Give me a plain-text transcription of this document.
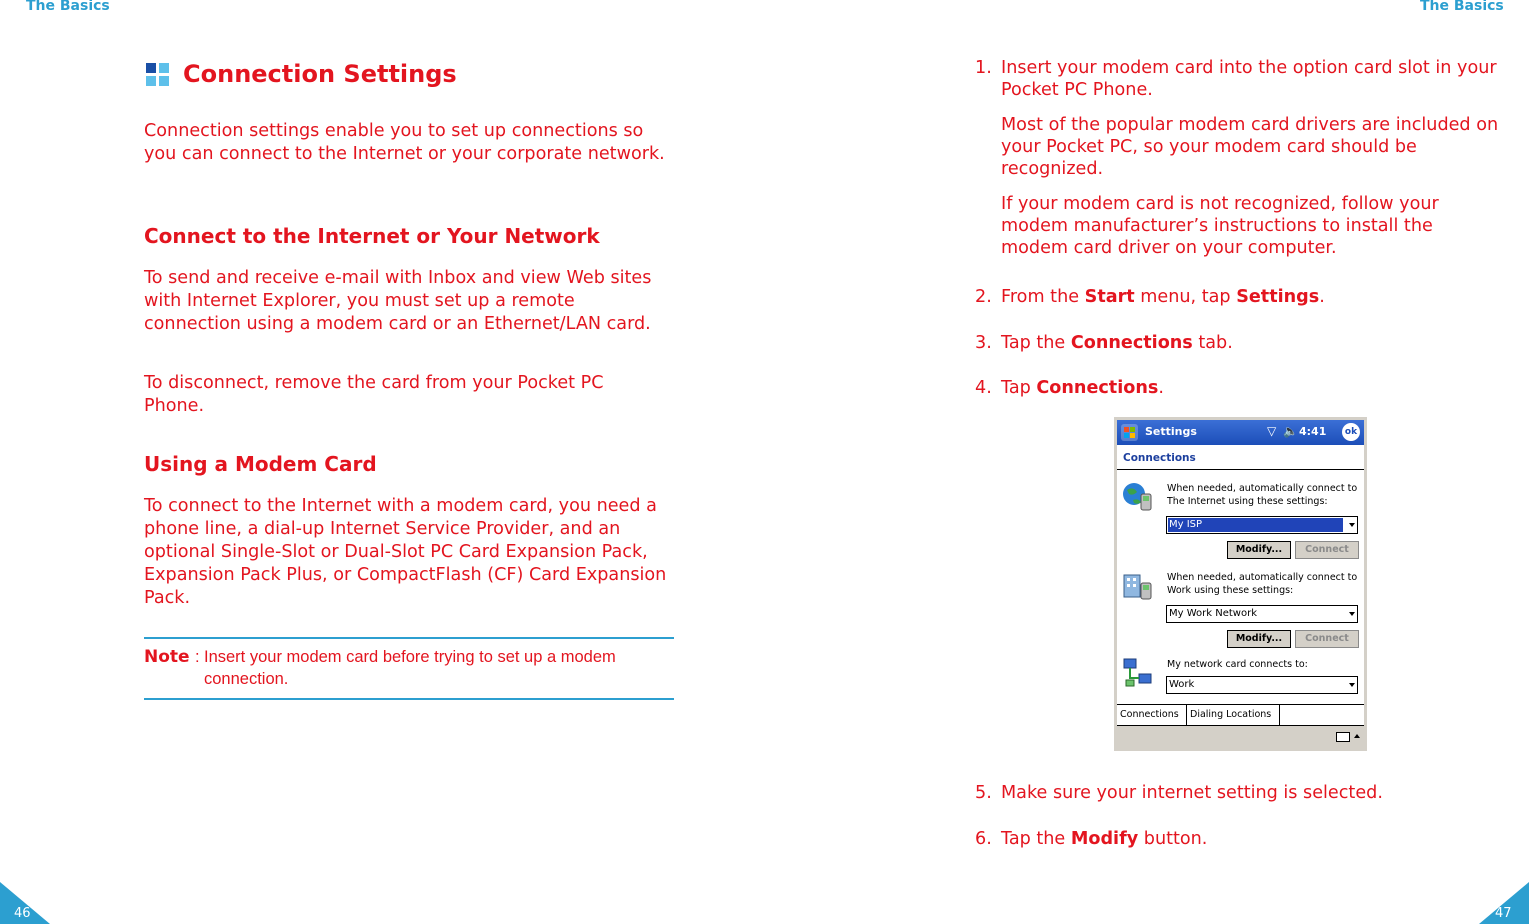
The Basics
Connection Settings

Connection settings enable you to set up connections so you can connect to the Internet or your corporate network.

Connect to the Internet or Your Network

To send and receive e-mail with Inbox and view Web sites with Internet Explorer, you must set up a remote connection using a modem card or an Ethernet/LAN card.

To disconnect, remove the card from your Pocket PC Phone.

Using a Modem Card

To connect to the Internet with a modem card, you need a phone line, a dial-up Internet Service Provider, and an optional Single-Slot or Dual-Slot PC Card Expansion Pack, Expansion Pack Plus, or CompactFlash (CF) Card Expansion Pack.

Note : Insert your modem card before trying to set up a modem connection.
46
The Basics
1. Insert your modem card into the option card slot in your Pocket PC Phone.
Most of the popular modem card drivers are included on your Pocket PC, so your modem card should be recognized.
If your modem card is not recognized, follow your modem manufacturer’s instructions to install the modem card driver on your computer.
2. From the Start menu, tap Settings.
3. Tap the Connections tab.
4. Tap Connections.
Settings	▽ 🔈 4:41	ok
Connections
When needed, automatically connect to The Internet using these settings:
My ISP
Modify...	Connect
When needed, automatically connect to Work using these settings:
My Work Network
Modify...	Connect
My network card connects to:
Work
Connections	Dialing Locations
5. Make sure your internet setting is selected.
6. Tap the Modify button.
47
